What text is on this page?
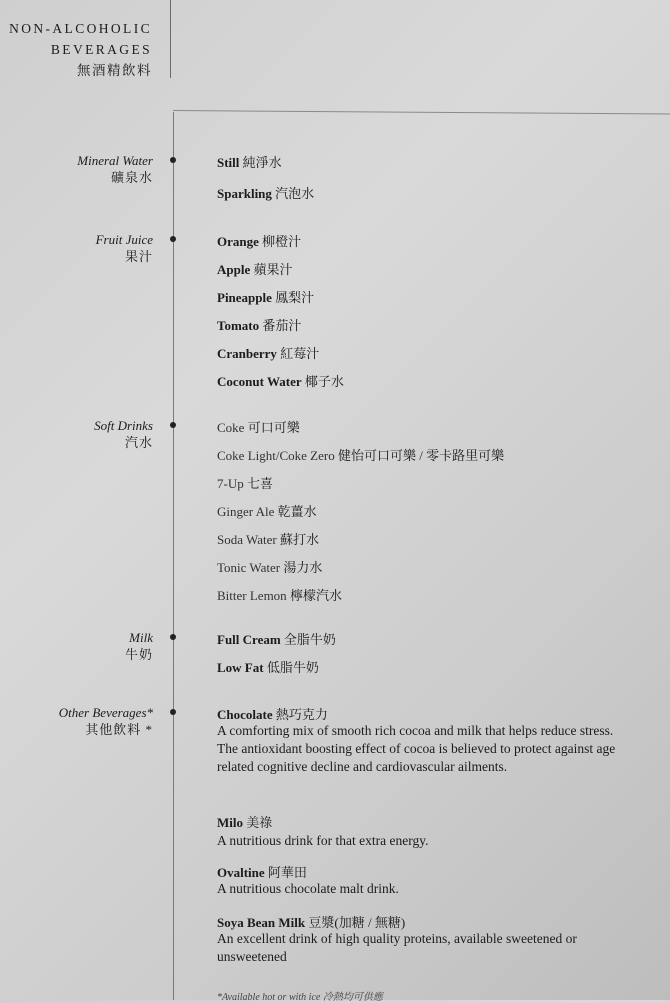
NON-ALCOHOLIC
BEVERAGES
無酒精飲料
Mineral Water
礦泉水
Still 純淨水
Sparkling 汽泡水
Fruit Juice
果汁
Orange 柳橙汁
Apple 蘋果汁
Pineapple 鳳梨汁
Tomato 番茄汁
Cranberry 紅莓汁
Coconut Water 椰子水
Soft Drinks
汽水
Coke 可口可樂
Coke Light/Coke Zero 健怡可口可樂 / 零卡路里可樂
7-Up 七喜
Ginger Ale 乾薑水
Soda Water 蘇打水
Tonic Water 湯力水
Bitter Lemon 檸檬汽水
Milk
牛奶
Full Cream 全脂牛奶
Low Fat 低脂牛奶
Other Beverages*
其他飲料 *
Chocolate 熱巧克力
A comforting mix of smooth rich cocoa and milk that helps reduce stress. The antioxidant boosting effect of cocoa is believed to protect against age related cognitive decline and cardiovascular ailments.
Milo 美祿
A nutritious drink for that extra energy.
Ovaltine 阿華田
A nutritious chocolate malt drink.
Soya Bean Milk 豆漿(加糖 / 無糖)
An excellent drink of high quality proteins, available sweetened or unsweetened
*Available hot or with ice 冷熱均可供應
